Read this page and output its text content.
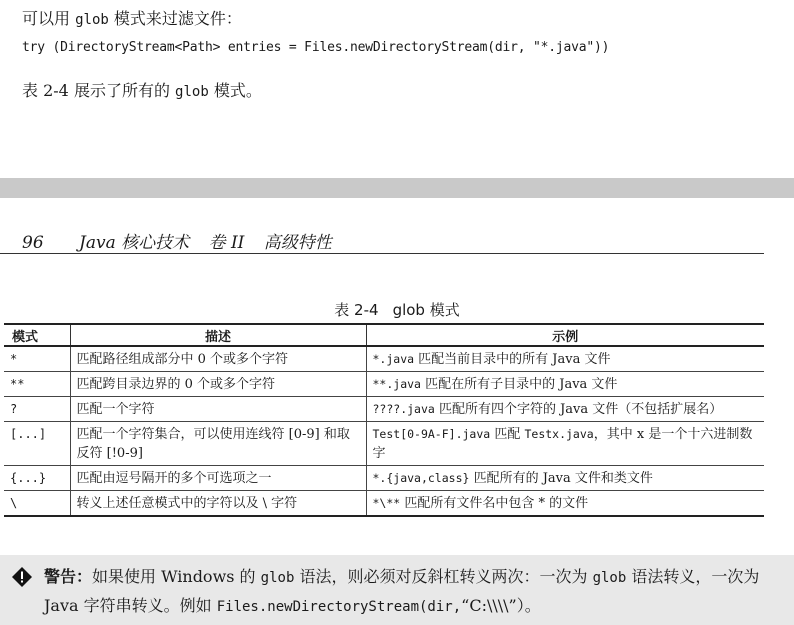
可以用 glob 模式来过滤文件：
try (DirectoryStream<Path> entries = Files.newDirectoryStream(dir, "*.java"))
表 2-4 展示了所有的 glob 模式。
96 Java 核心技术 卷 II 高级特性
表 2-4 glob 模式
模式	描述	示例
*	匹配路径组成部分中 0 个或多个字符	*.java 匹配当前目录中的所有 Java 文件
**	匹配跨目录边界的 0 个或多个字符	**.java 匹配在所有子目录中的 Java 文件
?	匹配一个字符	????.java 匹配所有四个字符的 Java 文件（不包括扩展名）
[...]	匹配一个字符集合，可以使用连线符 [0-9] 和取反符 [!0-9]	Test[0-9A-F].java 匹配 Testx.java，其中 x 是一个十六进制数字
{...}	匹配由逗号隔开的多个可选项之一	*.{java,class} 匹配所有的 Java 文件和类文件
\	转义上述任意模式中的字符以及 \ 字符	*\** 匹配所有文件名中包含 * 的文件
警告：如果使用 Windows 的 glob 语法，则必须对反斜杠转义两次：一次为 glob 语法转义，一次为 Java 字符串转义。例如 Files.newDirectoryStream(dir,“C:\\\\”）。
